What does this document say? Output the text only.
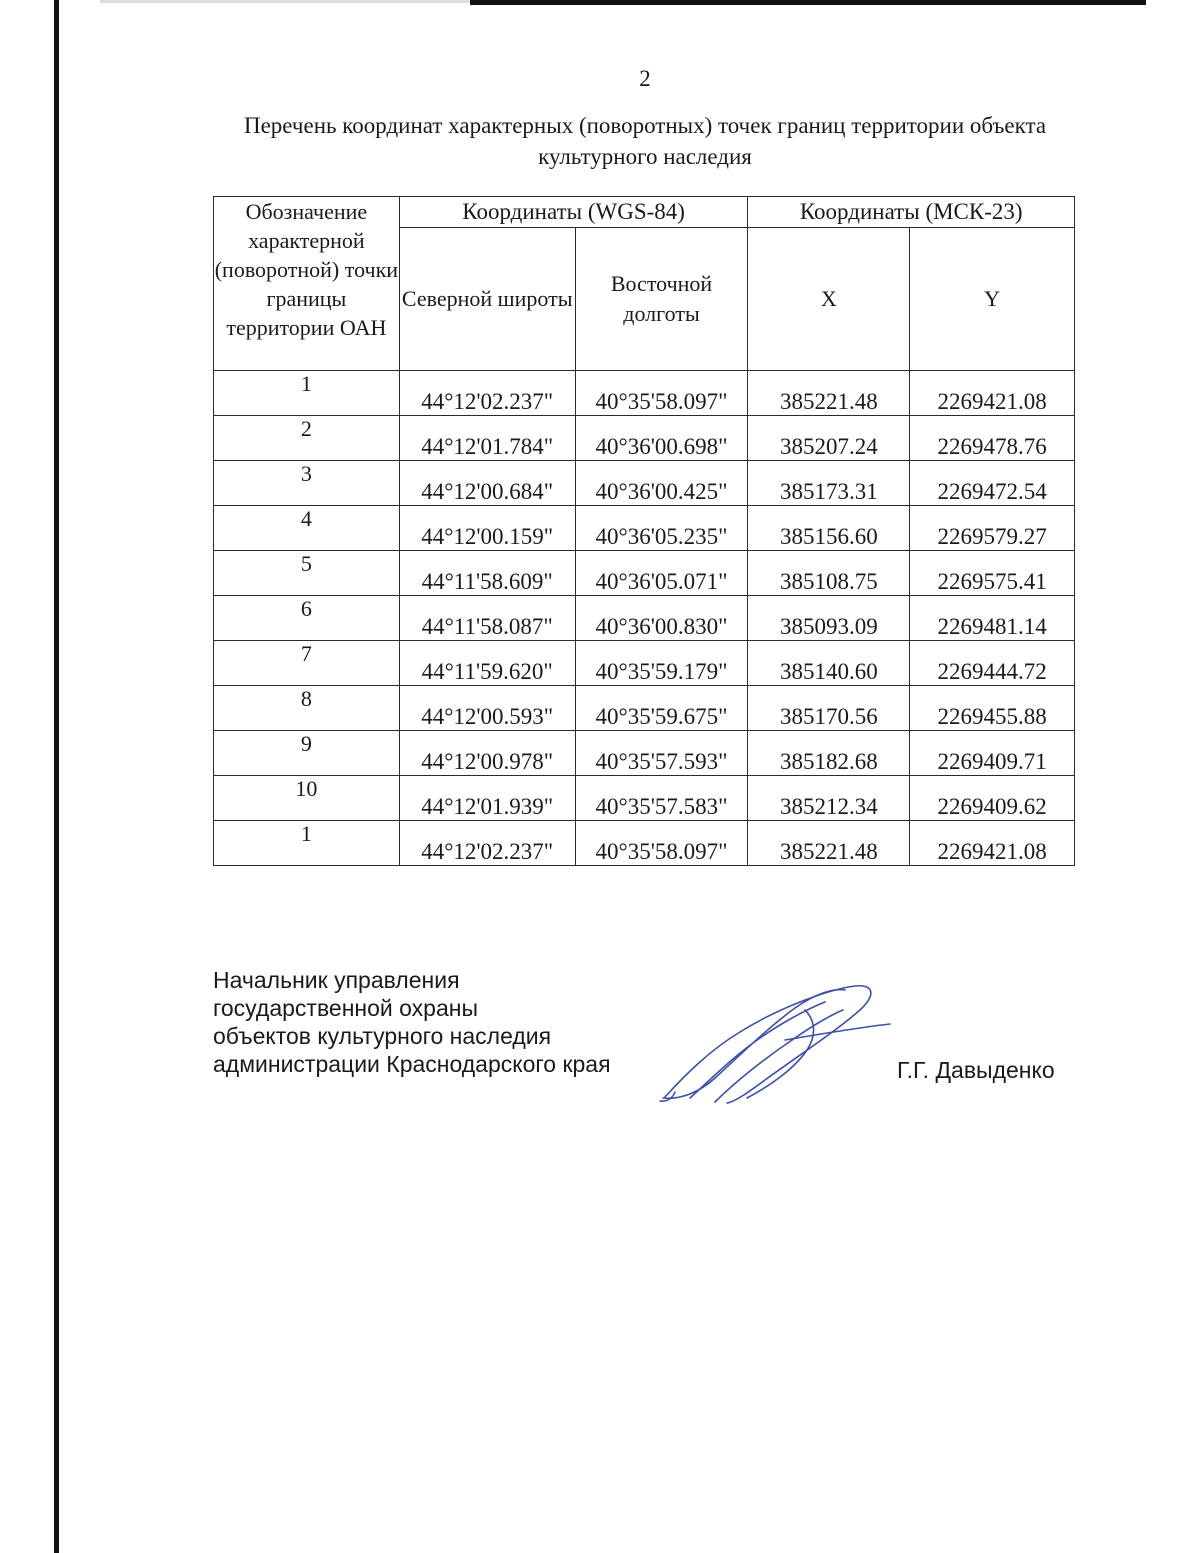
2
Перечень координат характерных (поворотных) точек границ территории объекта культурного наследия
Обозначение характерной (поворотной) точки границы территории ОАН	Координаты (WGS-84)		Координаты (МСК-23)	
	Северной широты	Восточной долготы	X	Y
1	44°12'02.237"	40°35'58.097"	385221.48	2269421.08
2	44°12'01.784"	40°36'00.698"	385207.24	2269478.76
3	44°12'00.684"	40°36'00.425"	385173.31	2269472.54
4	44°12'00.159"	40°36'05.235"	385156.60	2269579.27
5	44°11'58.609"	40°36'05.071"	385108.75	2269575.41
6	44°11'58.087"	40°36'00.830"	385093.09	2269481.14
7	44°11'59.620"	40°35'59.179"	385140.60	2269444.72
8	44°12'00.593"	40°35'59.675"	385170.56	2269455.88
9	44°12'00.978"	40°35'57.593"	385182.68	2269409.71
10	44°12'01.939"	40°35'57.583"	385212.34	2269409.62
1	44°12'02.237"	40°35'58.097"	385221.48	2269421.08
Начальник управления
государственной охраны
объектов культурного наследия
администрации Краснодарского края	Г.Г. Давыденко
